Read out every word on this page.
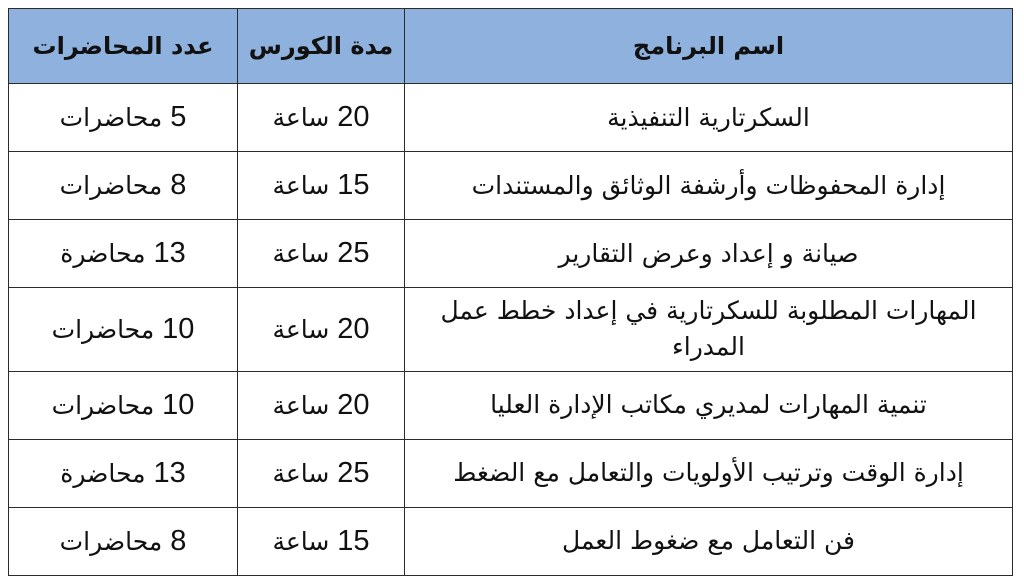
اسم البرنامج	مدة الكورس	عدد المحاضرات
السكرتارية التنفيذية	20 ساعة	5 محاضرات
إدارة المحفوظات وأرشفة الوثائق والمستندات	15 ساعة	8 محاضرات
صيانة و إعداد وعرض التقارير	25 ساعة	13 محاضرة
المهارات المطلوبة للسكرتارية في إعداد خطط عمل المدراء	20 ساعة	10 محاضرات
تنمية المهارات لمديري مكاتب الإدارة العليا	20 ساعة	10 محاضرات
إدارة الوقت وترتيب الأولويات والتعامل مع الضغط	25 ساعة	13 محاضرة
فن التعامل مع ضغوط العمل	15 ساعة	8 محاضرات
